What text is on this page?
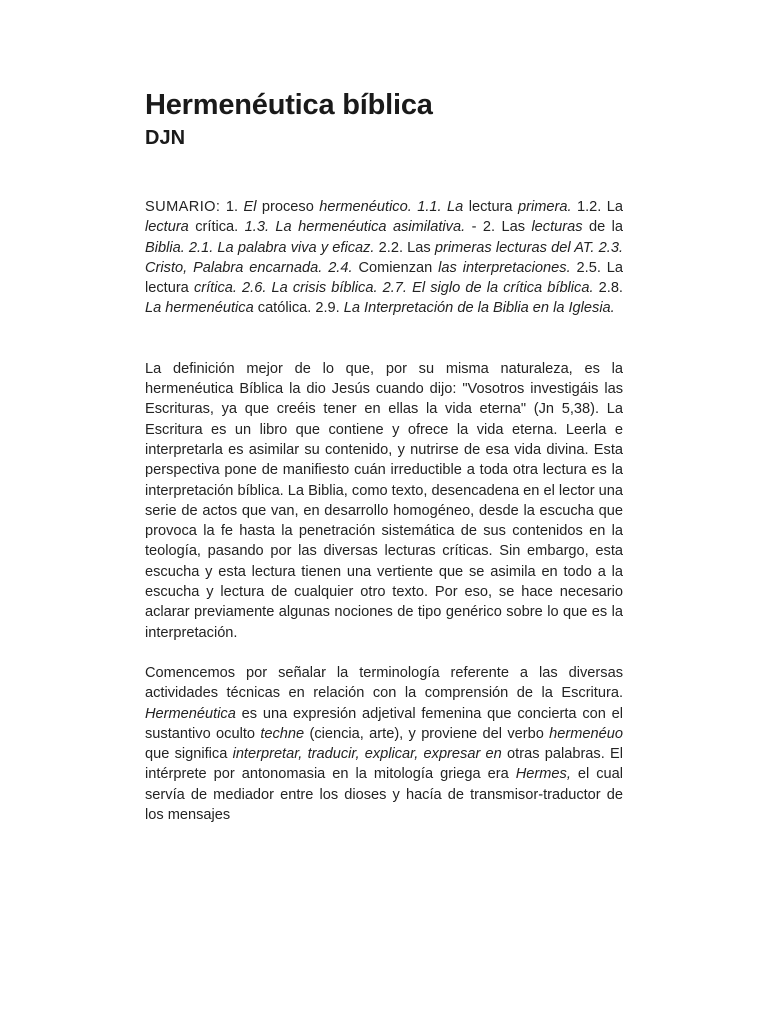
Hermenéutica bíblica
DJN

SUMARIO: 1. El proceso hermenéutico. 1.1. La lectura primera. 1.2. La lectura crítica. 1.3. La hermenéutica asimilativa. - 2. Las lecturas de la Biblia. 2.1. La palabra viva y eficaz. 2.2. Las primeras lecturas del AT. 2.3. Cristo, Palabra encarnada. 2.4. Comienzan las interpretaciones. 2.5. La lectura crítica. 2.6. La crisis bíblica. 2.7. El siglo de la crítica bíblica. 2.8. La hermenéutica católica. 2.9. La Interpretación de la Biblia en la Iglesia.

La definición mejor de lo que, por su misma naturaleza, es la hermenéutica Bíblica la dio Jesús cuando dijo: "Vosotros investigáis las Escrituras, ya que creéis tener en ellas la vida eterna" (Jn 5,38). La Escritura es un libro que contiene y ofrece la vida eterna. Leerla e interpretarla es asimilar su contenido, y nutrirse de esa vida divina. Esta perspectiva pone de manifiesto cuán irreductible a toda otra lectura es la interpretación bíblica. La Biblia, como texto, desencadena en el lector una serie de actos que van, en desarrollo homogéneo, desde la escucha que provoca la fe hasta la penetración sistemática de sus contenidos en la teología, pasando por las diversas lecturas críticas. Sin embargo, esta escucha y esta lectura tienen una vertiente que se asimila en todo a la escucha y lectura de cualquier otro texto. Por eso, se hace necesario aclarar previamente algunas nociones de tipo genérico sobre lo que es la interpretación.

Comencemos por señalar la terminología referente a las diversas actividades técnicas en relación con la comprensión de la Escritura. Hermenéutica es una expresión adjetival femenina que concierta con el sustantivo oculto techne (ciencia, arte), y proviene del verbo hermenéuo que significa interpretar, traducir, explicar, expresar en otras palabras. El intérprete por antonomasia en la mitología griega era Hermes, el cual servía de mediador entre los dioses y hacía de transmisor-traductor de los mensajes
